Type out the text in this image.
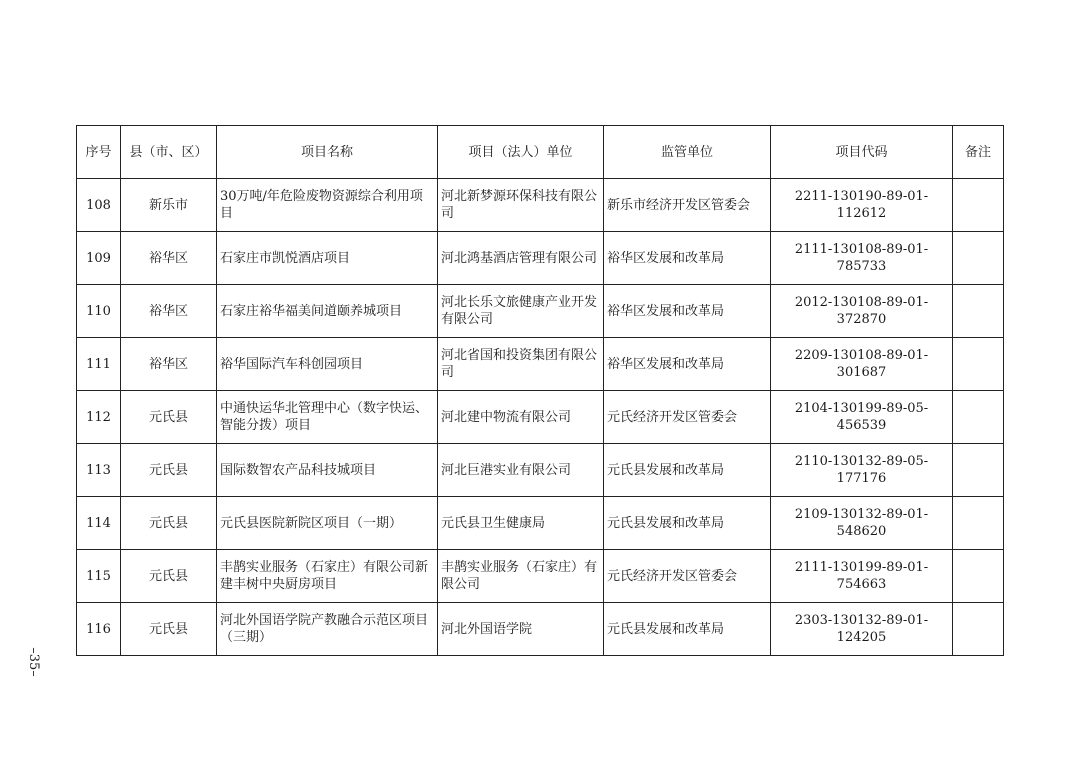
–35–
序号	县（市、区）	项目名称	项目（法人）单位	监管单位	项目代码	备注
108	新乐市	30万吨/年危险废物资源综合利用项目	河北新梦源环保科技有限公司	新乐市经济开发区管委会	2211-130190-89-01-112612	
109	裕华区	石家庄市凯悦酒店项目	河北鸿基酒店管理有限公司	裕华区发展和改革局	2111-130108-89-01-785733	
110	裕华区	石家庄裕华福美间道颐养城项目	河北长乐文旅健康产业开发有限公司	裕华区发展和改革局	2012-130108-89-01-372870	
111	裕华区	裕华国际汽车科创园项目	河北省国和投资集团有限公司	裕华区发展和改革局	2209-130108-89-01-301687	
112	元氏县	中通快运华北管理中心（数字快运、智能分拨）项目	河北建中物流有限公司	元氏经济开发区管委会	2104-130199-89-05-456539	
113	元氏县	国际数智农产品科技城项目	河北巨港实业有限公司	元氏县发展和改革局	2110-130132-89-05-177176	
114	元氏县	元氏县医院新院区项目（一期）	元氏县卫生健康局	元氏县发展和改革局	2109-130132-89-01-548620	
115	元氏县	丰鹊实业服务（石家庄）有限公司新建丰树中央厨房项目	丰鹊实业服务（石家庄）有限公司	元氏经济开发区管委会	2111-130199-89-01-754663	
116	元氏县	河北外国语学院产教融合示范区项目（三期）	河北外国语学院	元氏县发展和改革局	2303-130132-89-01-124205	
